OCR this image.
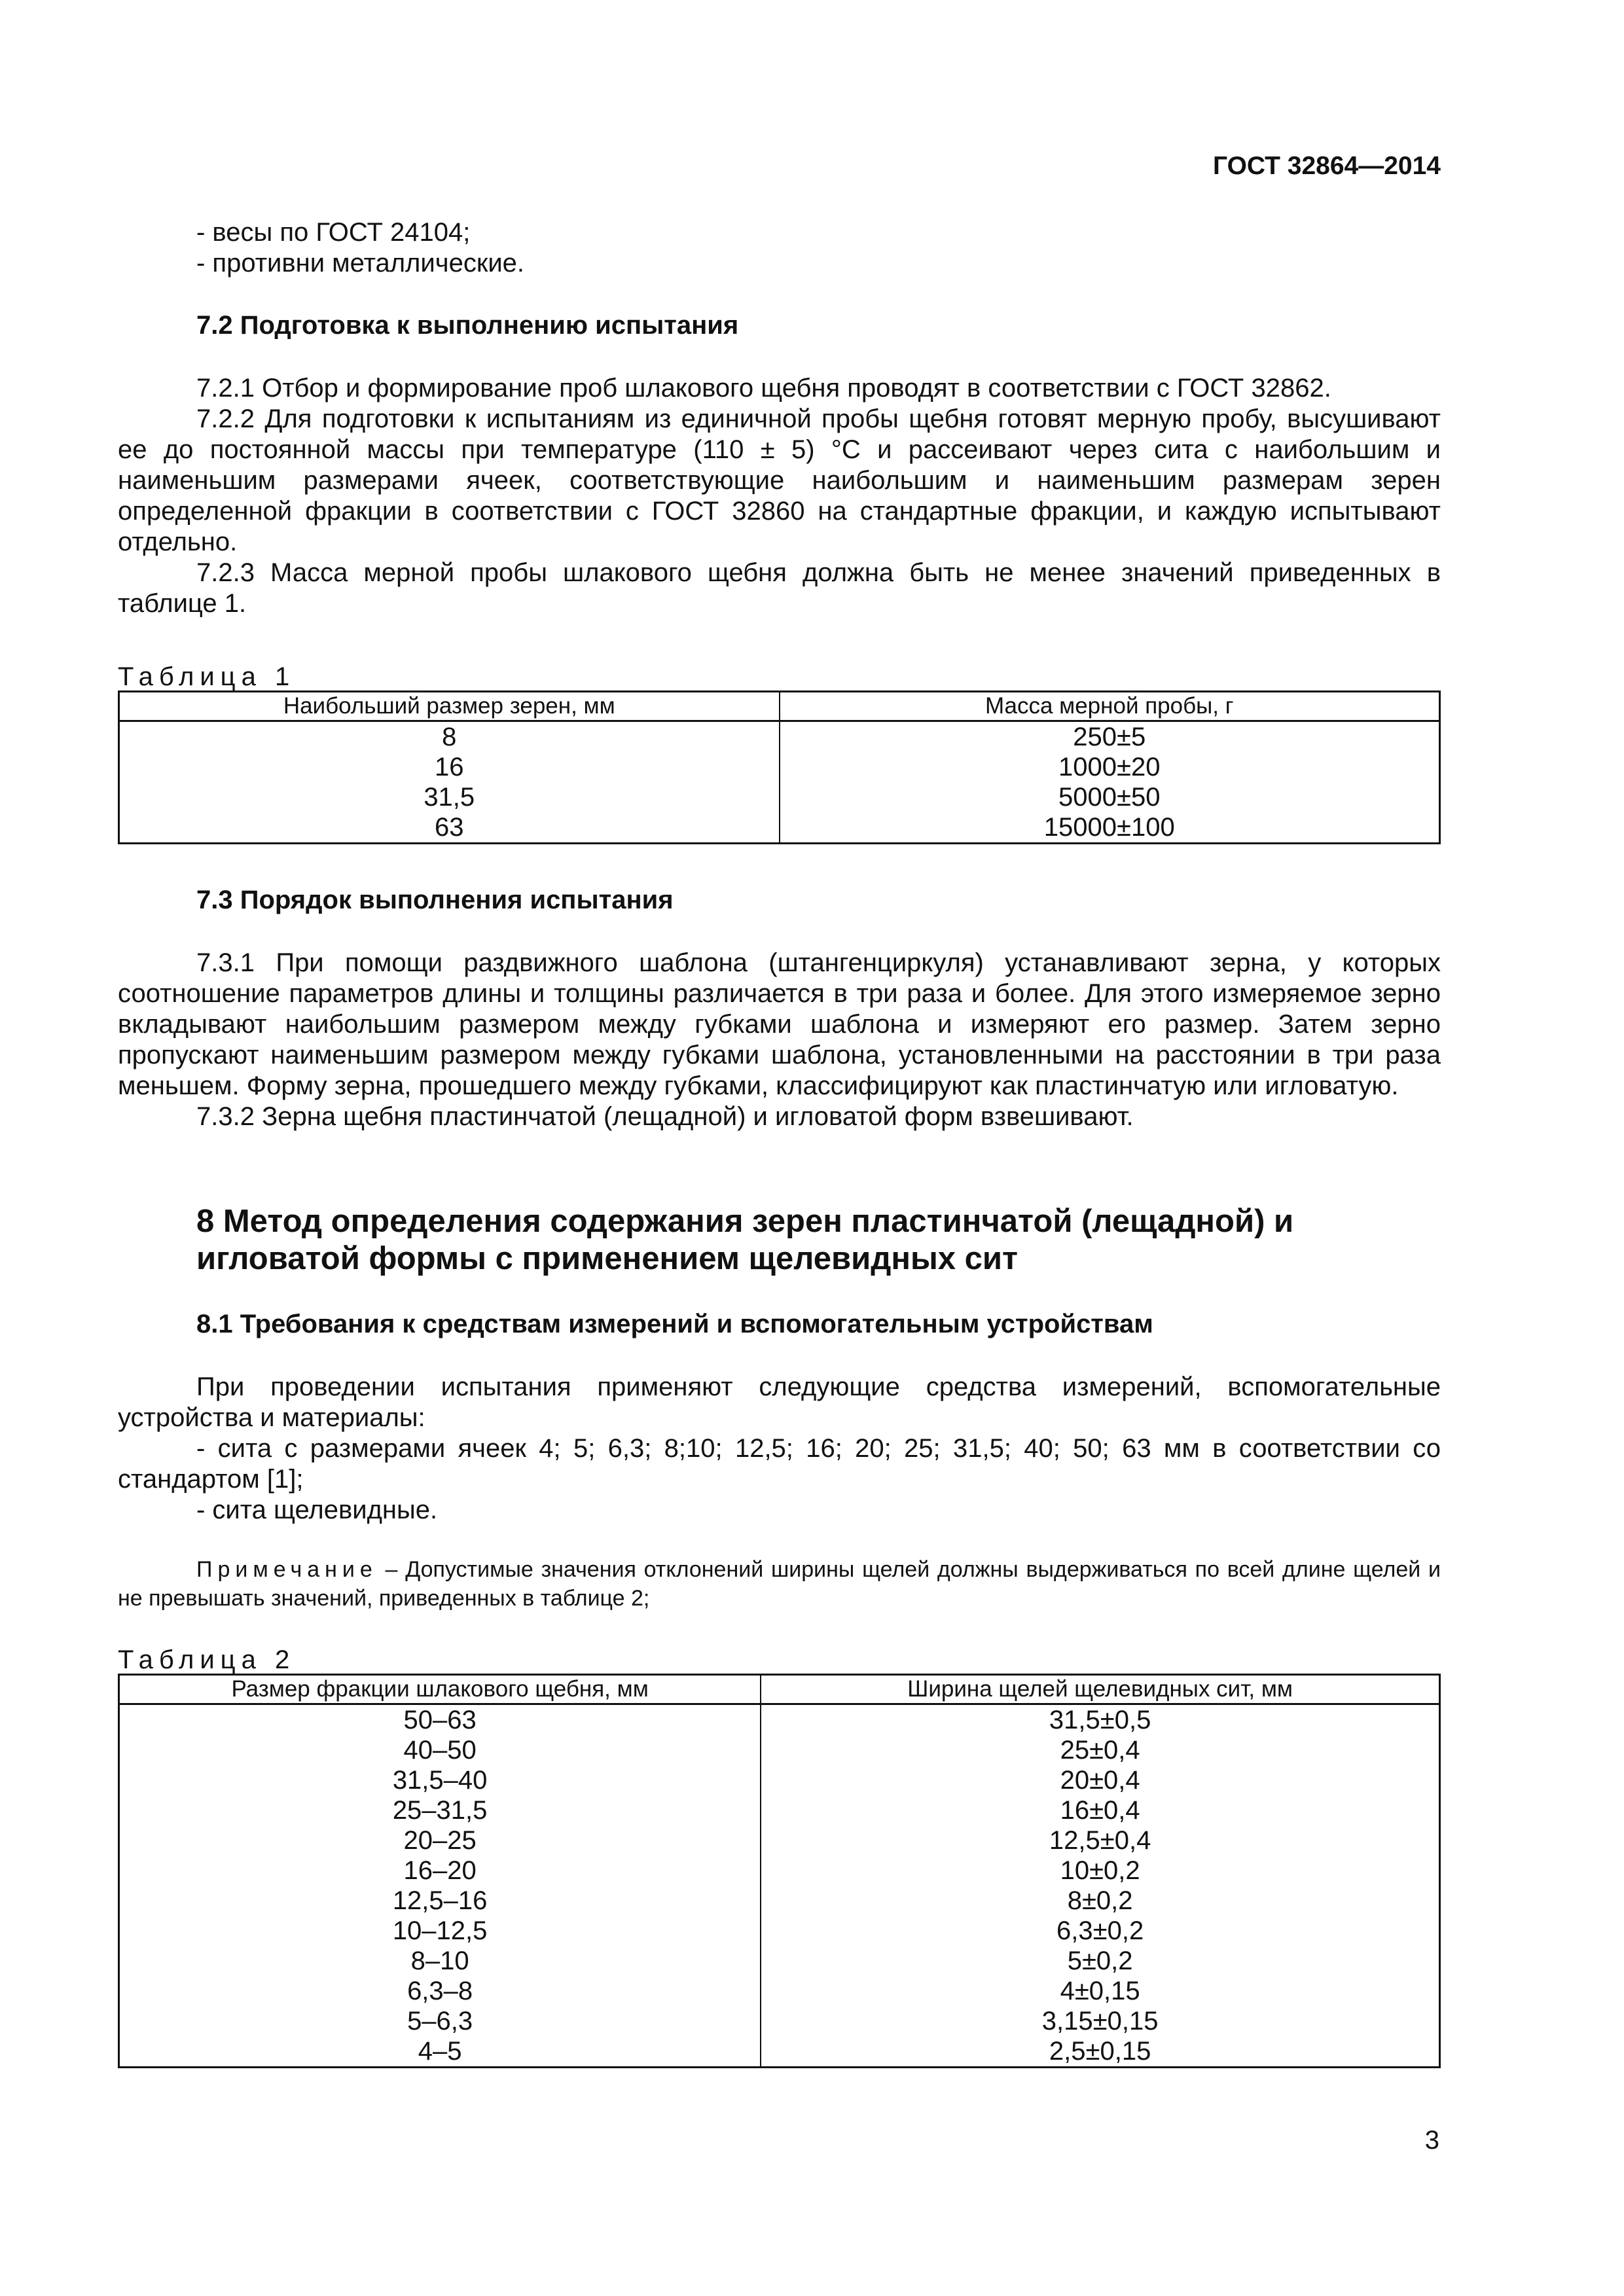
ГОСТ 32864—2014

- весы по ГОСТ 24104;

- противни металлические.

7.2 Подготовка к выполнению испытания

7.2.1 Отбор и формирование проб шлакового щебня проводят в соответствии с ГОСТ 32862.

7.2.2 Для подготовки к испытаниям из единичной пробы щебня готовят мерную пробу, высушивают ее до постоянной массы при температуре (110 ± 5) °С и рассеивают через сита с наибольшим и наименьшим размерами ячеек, соответствующие наибольшим и наименьшим размерам зерен определенной фракции в соответствии с ГОСТ 32860 на стандартные фракции, и каждую испытывают отдельно.

7.2.3 Масса мерной пробы шлакового щебня должна быть не менее значений приведенных в таблице 1.

Таблица 1

Наибольший размер зерен, мм	Масса мерной пробы, г
8	250±5
16	1000±20
31,5	5000±50
63	15000±100

7.3 Порядок выполнения испытания

7.3.1 При помощи раздвижного шаблона (штангенциркуля) устанавливают зерна, у которых соотношение параметров длины и толщины различается в три раза и более. Для этого измеряемое зерно вкладывают наибольшим размером между губками шаблона и измеряют его размер. Затем зерно пропускают наименьшим размером между губками шаблона, установленными на расстоянии в три раза меньшем. Форму зерна, прошедшего между губками, классифицируют как пластинчатую или игловатую.

7.3.2 Зерна щебня пластинчатой (лещадной) и игловатой форм взвешивают.

8 Метод определения содержания зерен пластинчатой (лещадной) и
игловатой формы с применением щелевидных сит

8.1 Требования к средствам измерений и вспомогательным устройствам

При проведении испытания применяют следующие средства измерений, вспомогательные устройства и материалы:

- сита с размерами ячеек 4; 5; 6,3; 8;10; 12,5; 16; 20; 25; 31,5; 40; 50; 63 мм в соответствии со стандартом [1];

- сита щелевидные.

Примечание – Допустимые значения отклонений ширины щелей должны выдерживаться по всей длине щелей и не превышать значений, приведенных в таблице 2;

Таблица 2

Размер фракции шлакового щебня, мм	Ширина щелей щелевидных сит, мм
50–63	31,5±0,5
40–50	25±0,4
31,5–40	20±0,4
25–31,5	16±0,4
20–25	12,5±0,4
16–20	10±0,2
12,5–16	8±0,2
10–12,5	6,3±0,2
8–10	5±0,2
6,3–8	4±0,15
5–6,3	3,15±0,15
4–5	2,5±0,15
3
